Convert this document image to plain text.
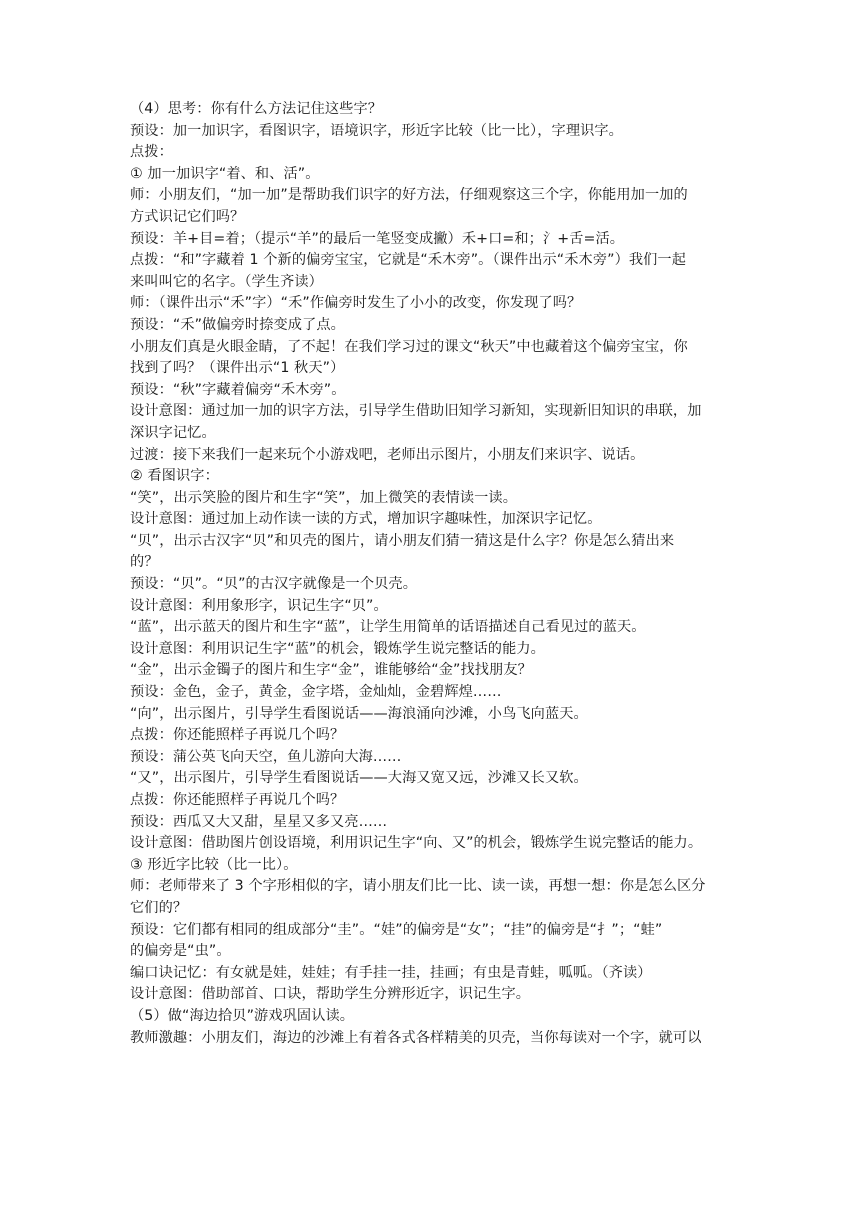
（4）思考：你有什么方法记住这些字？
预设：加一加识字，看图识字，语境识字，形近字比较（比一比），字理识字。
点拨：
① 加一加识字“着、和、活”。
师：小朋友们，“加一加”是帮助我们识字的好方法，仔细观察这三个字，你能用加一加的
方式识记它们吗？
预设：羊+目=着；（提示“羊”的最后一笔竖变成撇）禾+口=和；氵+舌=活。
点拨：“和”字藏着 1 个新的偏旁宝宝，它就是“禾木旁”。（课件出示“禾木旁”）我们一起
来叫叫它的名字。（学生齐读）
师：（课件出示“禾”字）“禾”作偏旁时发生了小小的改变，你发现了吗？
预设：“禾”做偏旁时捺变成了点。
小朋友们真是火眼金睛，了不起！在我们学习过的课文“秋天”中也藏着这个偏旁宝宝，你
找到了吗？（课件出示“1 秋天”）
预设：“秋”字藏着偏旁“禾木旁”。
设计意图：通过加一加的识字方法，引导学生借助旧知学习新知，实现新旧知识的串联，加
深识字记忆。
过渡：接下来我们一起来玩个小游戏吧，老师出示图片，小朋友们来识字、说话。
② 看图识字：
“笑”，出示笑脸的图片和生字“笑”，加上微笑的表情读一读。
设计意图：通过加上动作读一读的方式，增加识字趣味性，加深识字记忆。
“贝”，出示古汉字“贝”和贝壳的图片，请小朋友们猜一猜这是什么字？你是怎么猜出来
的？
预设：“贝”。“贝”的古汉字就像是一个贝壳。
设计意图：利用象形字，识记生字“贝”。
“蓝”，出示蓝天的图片和生字“蓝”，让学生用简单的话语描述自己看见过的蓝天。
设计意图：利用识记生字“蓝”的机会，锻炼学生说完整话的能力。
“金”，出示金镯子的图片和生字“金”，谁能够给“金”找找朋友？
预设：金色，金子，黄金，金字塔，金灿灿，金碧辉煌……
“向”，出示图片，引导学生看图说话——海浪涌向沙滩，小鸟飞向蓝天。
点拨：你还能照样子再说几个吗？
预设：蒲公英飞向天空，鱼儿游向大海……
“又”，出示图片，引导学生看图说话——大海又宽又远，沙滩又长又软。
点拨：你还能照样子再说几个吗？
预设：西瓜又大又甜，星星又多又亮……
设计意图：借助图片创设语境，利用识记生字“向、又”的机会，锻炼学生说完整话的能力。
③ 形近字比较（比一比）。
师：老师带来了 3 个字形相似的字，请小朋友们比一比、读一读，再想一想：你是怎么区分
它们的？
预设：它们都有相同的组成部分“圭”。“娃”的偏旁是“女”；“挂”的偏旁是“扌”；“蛙”
的偏旁是“虫”。
编口诀记忆：有女就是娃，娃娃；有手挂一挂，挂画；有虫是青蛙，呱呱。（齐读）
设计意图：借助部首、口诀，帮助学生分辨形近字，识记生字。
（5）做“海边拾贝”游戏巩固认读。
教师激趣：小朋友们，海边的沙滩上有着各式各样精美的贝壳，当你每读对一个字，就可以
